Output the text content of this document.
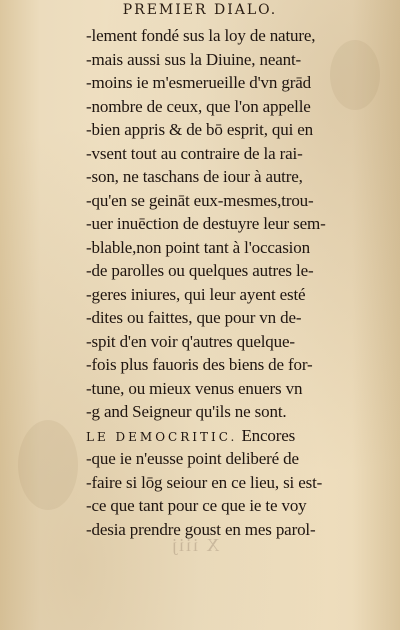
PREMIER DIALO.
-lement fondé sus la loy de nature,
-mais aussi sus la Diuine, neant-
-moins ie m'esmerueille d'vn grād
-nombre de ceux, que l'on appelle
-bien appris & de bō esprit, qui en
-vsent tout au contraire de la rai-
-son, ne taschans de iour à autre,
-qu'en se geināt eux-mesmes,trou-
-uer inuēction de destuyre leur sem-
-blable,non point tant à l'occasion
-de parolles ou quelques autres le-
-geres iniures, qui leur ayent esté
-dites ou faittes, que pour vn de-
-spit d'en voir q'autres quelque-
-fois plus fauoris des biens de for-
-tune, ou mieux venus enuers vn
-g and Seigneur qu'ils ne sont.
LE DEMOCRITIC. Encores
-que ie n'eusse point deliberé de
-faire si lōg seiour en ce lieu, si est-
-ce que tant pour ce que ie te voy
-desia prendre goust en mes parol-
X iiij
